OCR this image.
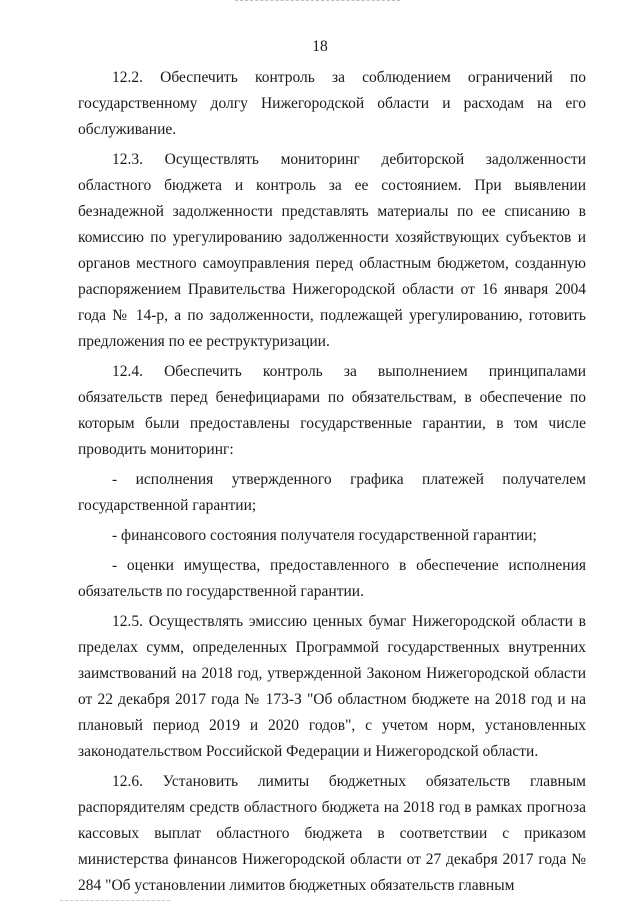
18

12.2. Обеспечить контроль за соблюдением ограничений по государственному долгу Нижегородской области и расходам на его обслуживание.

12.3. Осуществлять мониторинг дебиторской задолженности областного бюджета и контроль за ее состоянием. При выявлении безнадежной задолженности представлять материалы по ее списанию в комиссию по урегулированию задолженности хозяйствующих субъектов и органов местного самоуправления перед областным бюджетом, созданную распоряжением Правительства Нижегородской области от 16 января 2004 года № 14-р, а по задолженности, подлежащей урегулированию, готовить предложения по ее реструктуризации.

12.4. Обеспечить контроль за выполнением принципалами обязательств перед бенефициарами по обязательствам, в обеспечение по которым были предоставлены государственные гарантии, в том числе проводить мониторинг:

- исполнения утвержденного графика платежей получателем государственной гарантии;

- финансового состояния получателя государственной гарантии;

- оценки имущества, предоставленного в обеспечение исполнения обязательств по государственной гарантии.

12.5. Осуществлять эмиссию ценных бумаг Нижегородской области в пределах сумм, определенных Программой государственных внутренних заимствований на 2018 год, утвержденной Законом Нижегородской области от 22 декабря 2017 года № 173-З "Об областном бюджете на 2018 год и на плановый период 2019 и 2020 годов", с учетом норм, установленных законодательством Российской Федерации и Нижегородской области.

12.6. Установить лимиты бюджетных обязательств главным распорядителям средств областного бюджета на 2018 год в рамках прогноза кассовых выплат областного бюджета в соответствии с приказом министерства финансов Нижегородской области от 27 декабря 2017 года № 284 "Об установлении лимитов бюджетных обязательств главным
